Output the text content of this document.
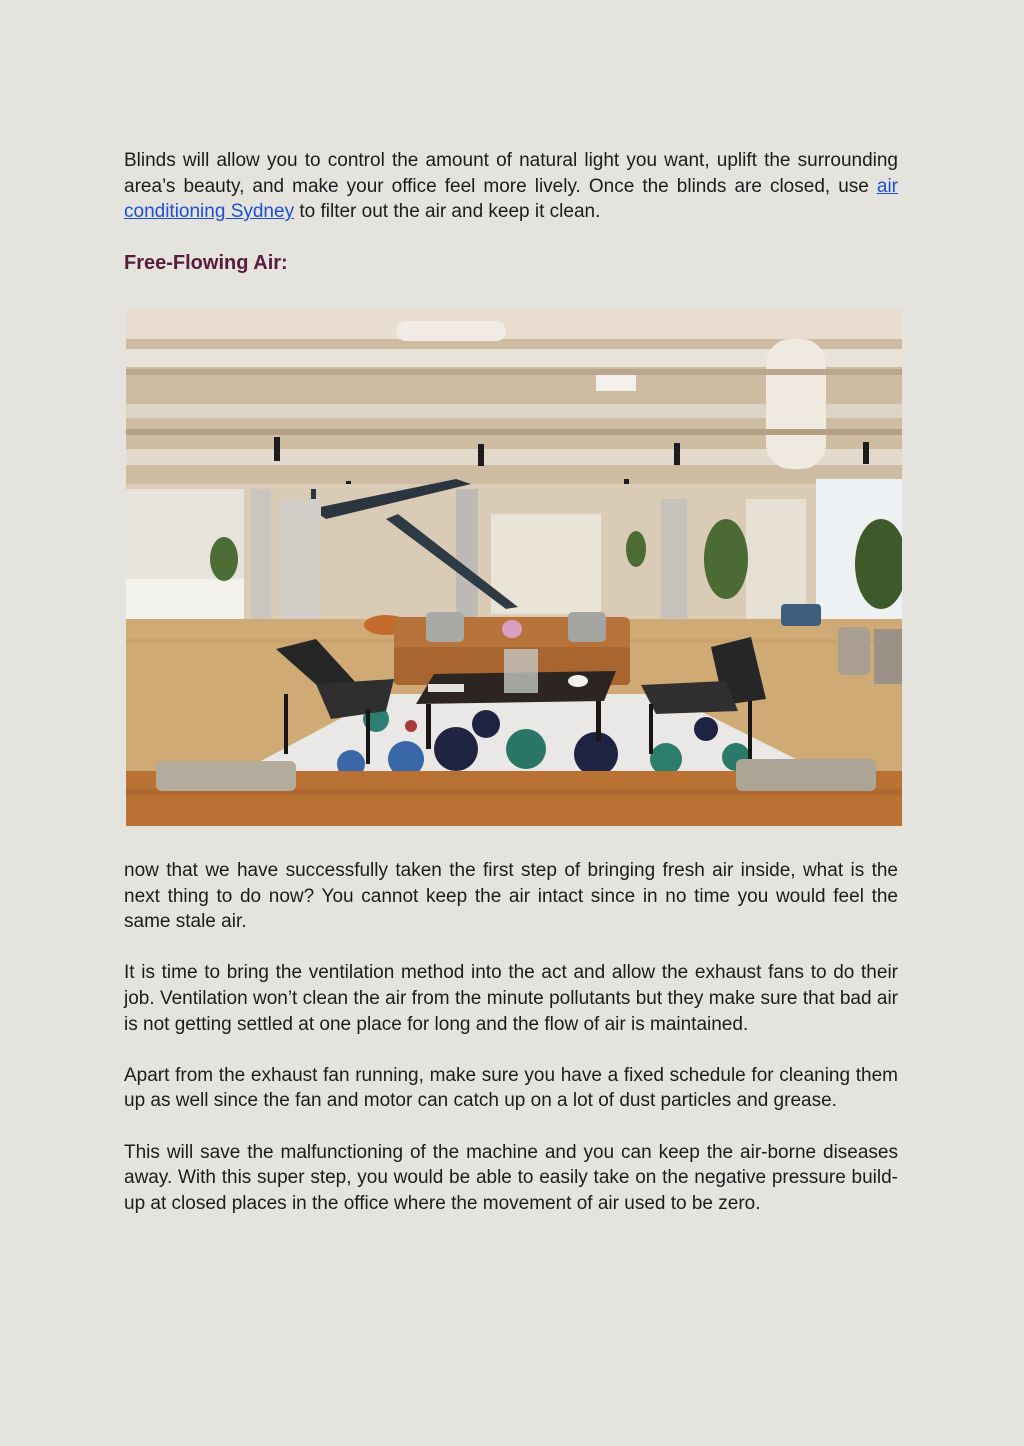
Blinds will allow you to control the amount of natural light you want, uplift the surrounding area’s beauty, and make your office feel more lively. Once the blinds are closed, use air conditioning Sydney to filter out the air and keep it clean.

Free-Flowing Air:

now that we have successfully taken the first step of bringing fresh air inside, what is the next thing to do now? You cannot keep the air intact since in no time you would feel the same stale air.

It is time to bring the ventilation method into the act and allow the exhaust fans to do their job. Ventilation won’t clean the air from the minute pollutants but they make sure that bad air is not getting settled at one place for long and the flow of air is maintained.

Apart from the exhaust fan running, make sure you have a fixed schedule for cleaning them up as well since the fan and motor can catch up on a lot of dust particles and grease.

This will save the malfunctioning of the machine and you can keep the air-borne diseases away. With this super step, you would be able to easily take on the negative pressure build-up at closed places in the office where the movement of air used to be zero.
